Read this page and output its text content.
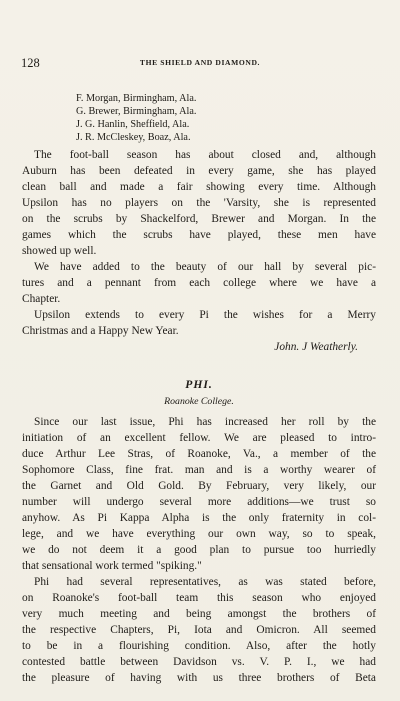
128	THE SHIELD AND DIAMOND.
F. Morgan, Birmingham, Ala.
G. Brewer, Birmingham, Ala.
J. G. Hanlin, Sheffield, Ala.
J. R. McCleskey, Boaz, Ala.
The foot-ball season has about closed and, although
Auburn has been defeated in every game, she has played
clean ball and made a fair showing every time. Although
Upsilon has no players on the 'Varsity, she is represented
on the scrubs by Shackelford, Brewer and Morgan. In the
games which the scrubs have played, these men have
showed up well.
We have added to the beauty of our hall by several pic-
tures and a pennant from each college where we have a
Chapter.
Upsilon extends to every Pi the wishes for a Merry
Christmas and a Happy New Year.
John. J Weatherly.
PHI.
Roanoke College.
Since our last issue, Phi has increased her roll by the
initiation of an excellent fellow. We are pleased to intro-
duce Arthur Lee Stras, of Roanoke, Va., a member of the
Sophomore Class, fine frat. man and is a worthy wearer of
the Garnet and Old Gold. By February, very likely, our
number will undergo several more additions—we trust so
anyhow. As Pi Kappa Alpha is the only fraternity in col-
lege, and we have everything our own way, so to speak,
we do not deem it a good plan to pursue too hurriedly
that sensational work termed "spiking."
Phi had several representatives, as was stated before,
on Roanoke's foot-ball team this season who enjoyed
very much meeting and being amongst the brothers of
the respective Chapters, Pi, Iota and Omicron. All seemed
to be in a flourishing condition. Also, after the hotly
contested battle between Davidson vs. V. P. I., we had
the pleasure of having with us three brothers of Beta
